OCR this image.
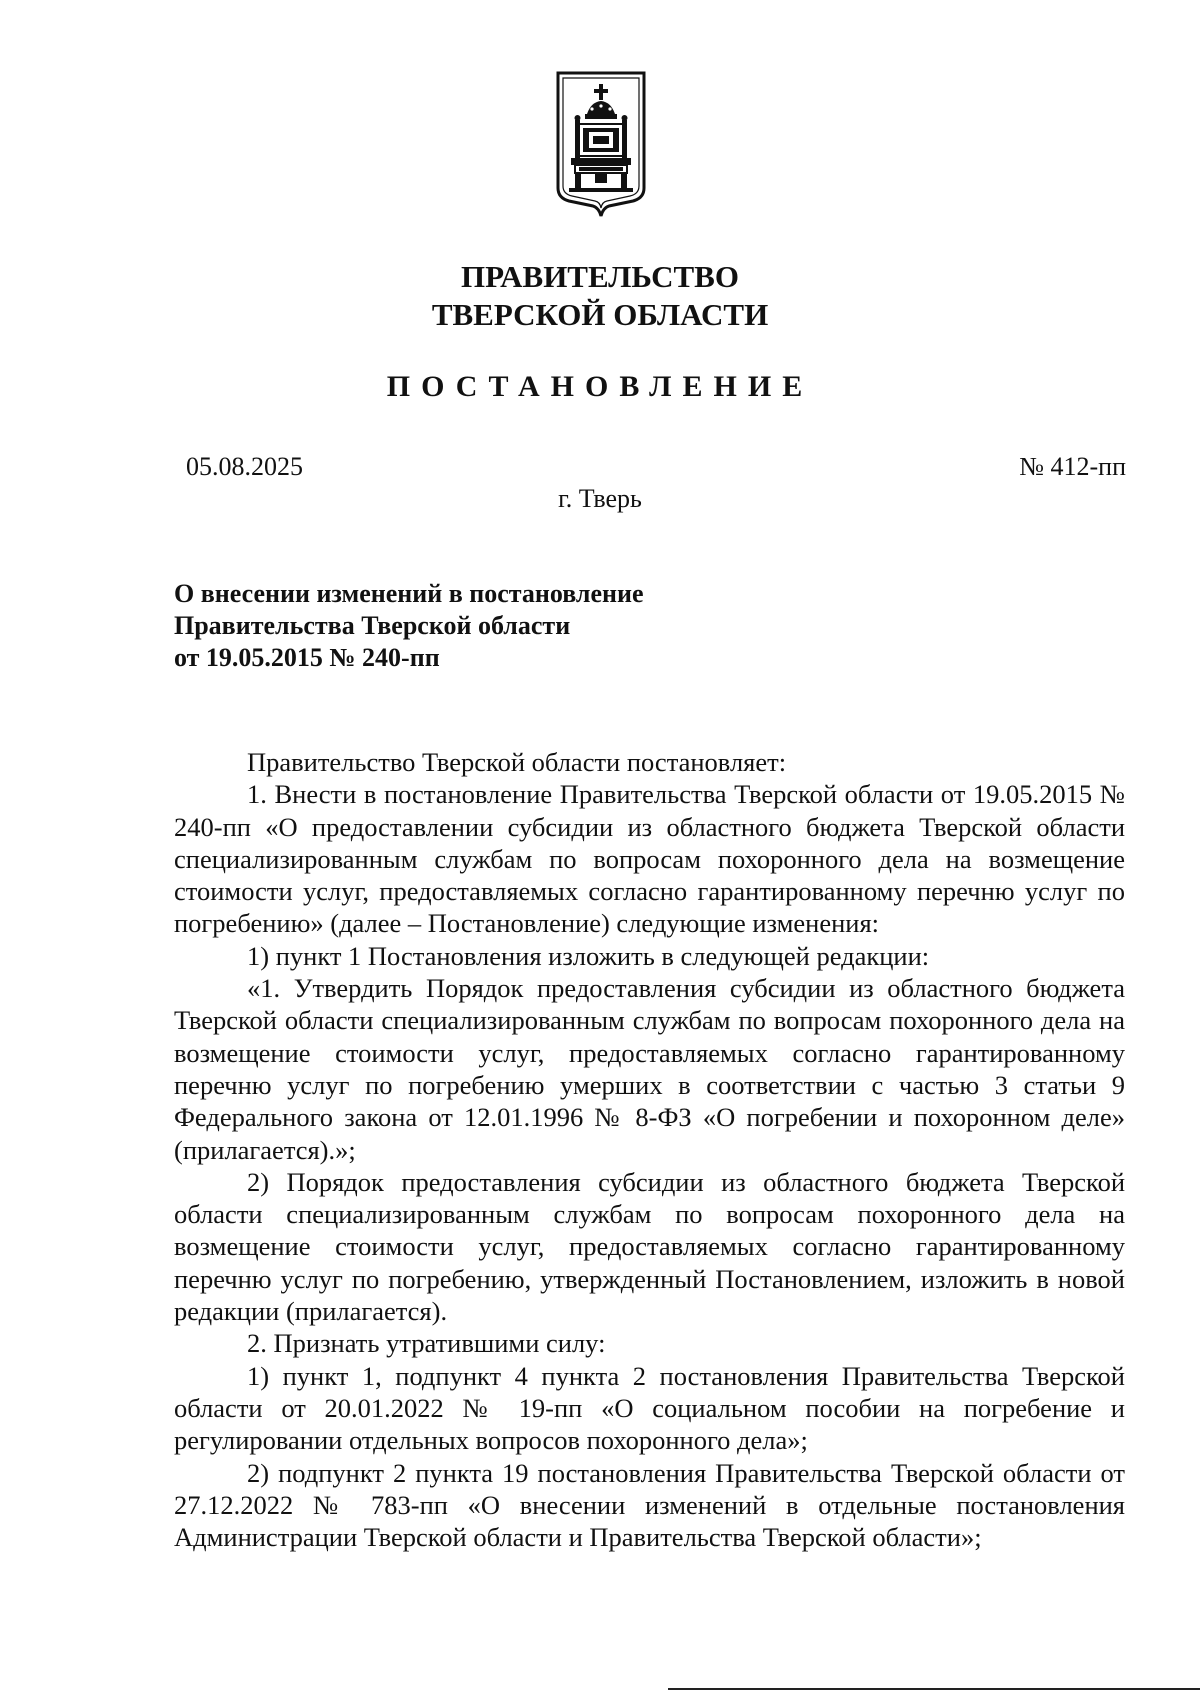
ПРАВИТЕЛЬСТВО

ТВЕРСКОЙ ОБЛАСТИ

ПОСТАНОВЛЕНИЕ

05.08.2025	№ 412-пп

г. Тверь

О внесении изменений в постановление
Правительства Тверской области
от 19.05.2015 № 240-пп

Правительство Тверской области постановляет:

1. Внести в постановление Правительства Тверской области от 19.05.2015 № 240-пп «О предоставлении субсидии из областного бюджета Тверской области специализированным службам по вопросам похоронного дела на возмещение стоимости услуг, предоставляемых согласно гарантированному перечню услуг по погребению» (далее – Постановление) следующие изменения:

1) пункт 1 Постановления изложить в следующей редакции:

«1. Утвердить Порядок предоставления субсидии из областного бюджета Тверской области специализированным службам по вопросам похоронного дела на возмещение стоимости услуг, предоставляемых согласно гарантированному перечню услуг по погребению умерших в соответствии с частью 3 статьи 9 Федерального закона от 12.01.1996 № 8-ФЗ «О погребении и похоронном деле» (прилагается).»;

2) Порядок предоставления субсидии из областного бюджета Тверской области специализированным службам по вопросам похоронного дела на возмещение стоимости услуг, предоставляемых согласно гарантированному перечню услуг по погребению, утвержденный Постановлением, изложить в новой редакции (прилагается).

2. Признать утратившими силу:

1) пункт 1, подпункт 4 пункта 2 постановления Правительства Тверской области от 20.01.2022 № 19-пп «О социальном пособии на погребение и регулировании отдельных вопросов похоронного дела»;

2) подпункт 2 пункта 19 постановления Правительства Тверской области от 27.12.2022 № 783-пп «О внесении изменений в отдельные постановления Администрации Тверской области и Правительства Тверской области»;
